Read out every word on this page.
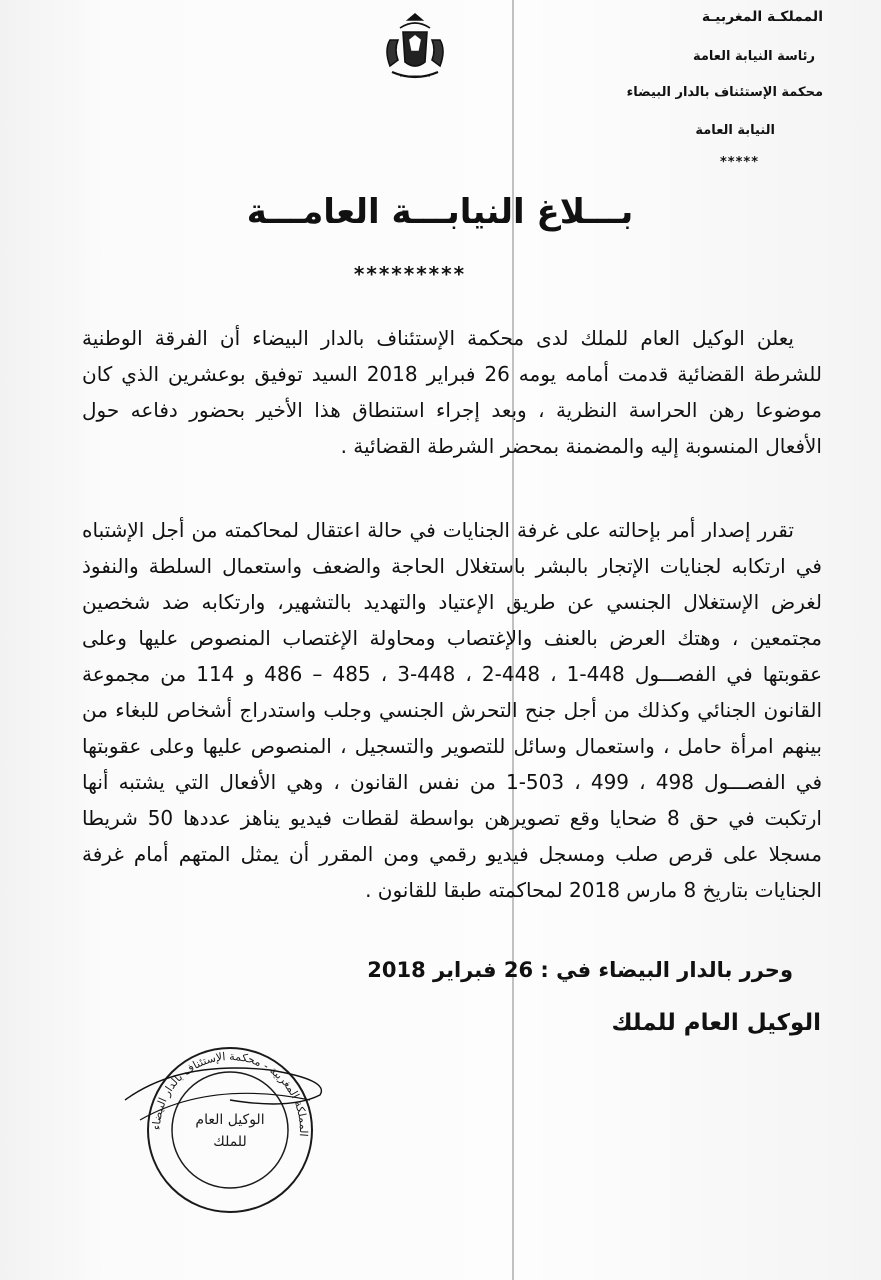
المملكـة المغربيـة
رئاسة النيابة العامة
محكمة الإستئناف بالدار البيضاء
النيابة العامة
*****
بـــلاغ النيابـــة العامـــة
*********
يعلن الوكيل العام للملك لدى محكمة الإستئناف بالدار البيضاء أن الفرقة الوطنية للشرطة القضائية قدمت أمامه يومه 26 فبراير 2018 السيد توفيق بوعشرين الذي كان موضوعا رهن الحراسة النظرية ، وبعد إجراء استنطاق هذا الأخير بحضور دفاعه حول الأفعال المنسوبة إليه والمضمنة بمحضر الشرطة القضائية .
تقرر إصدار أمر بإحالته على غرفة الجنايات في حالة اعتقال لمحاكمته من أجل الإشتباه في ارتكابه لجنايات الإتجار بالبشر باستغلال الحاجة والضعف واستعمال السلطة والنفوذ لغرض الإستغلال الجنسي عن طريق الإعتياد والتهديد بالتشهير، وارتكابه ضد شخصين مجتمعين ، وهتك العرض بالعنف والإغتصاب ومحاولة الإغتصاب المنصوص عليها وعلى عقوبتها في الفصـــول 448-1 ، 448-2 ، 448-3 ، 485 – 486 و 114 من مجموعة القانون الجنائي وكذلك من أجل جنح التحرش الجنسي وجلب واستدراج أشخاص للبغاء من بينهم امرأة حامل ، واستعمال وسائل للتصوير والتسجيل ، المنصوص عليها وعلى عقوبتها في الفصـــول 498 ، 499 ، 503-1 من نفس القانون ، وهي الأفعال التي يشتبه أنها ارتكبت في حق 8 ضحايا وقع تصويرهن بواسطة لقطات فيديو يناهز عددها 50 شريطا مسجلا على قرص صلب ومسجل فيديو رقمي ومن المقرر أن يمثل المتهم أمام غرفة الجنايات بتاريخ 8 مارس 2018 لمحاكمته طبقا للقانون .
وحرر بالدار البيضاء في : 26 فبراير 2018
الوكيل العام للملك
المملكة المغربية - محكمة الإستئناف بالدار البيضاء
الوكيل العام
للملك
